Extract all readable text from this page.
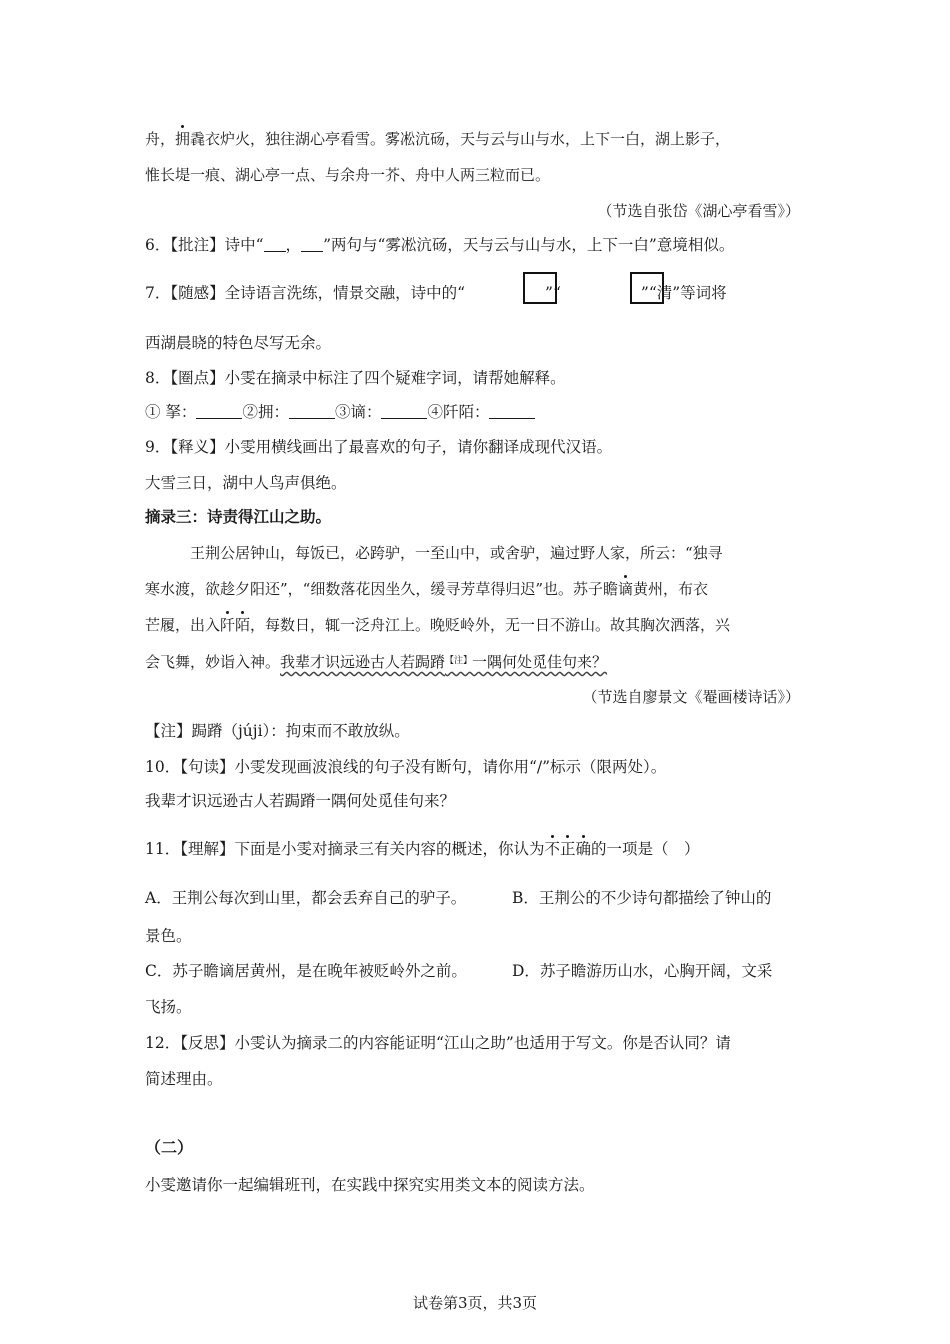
舟，拥毳衣炉火，独往湖心亭看雪。雾凇沆砀，天与云与山与水，上下一白，湖上影子，
惟长堤一痕、湖心亭一点、与余舟一芥、舟中人两三粒而已。
（节选自张岱《湖心亭看雪》）
6．【批注】诗中“ ， ”两句与“雾凇沆砀，天与云与山与水，上下一白”意境相似。
7．【随感】全诗语言洗练，情景交融，诗中的“	”“	”“清”等词将
西湖晨晓的特色尽写无余。
8．【圈点】小雯在摘录中标注了四个疑难字词，请帮她解释。
① 拏：	②拥：	③谪：	④阡陌：
9．【释义】小雯用横线画出了最喜欢的句子，请你翻译成现代汉语。
大雪三日，湖中人鸟声俱绝。
摘录三：诗责得江山之助。
王荆公居钟山，每饭已，必跨驴，一至山中，或舍驴，遍过野人家，所云：“独寻
寒水渡，欲趁夕阳还”，“细数落花因坐久，缓寻芳草得归迟”也。苏子瞻谪黄州，布衣
芒履，出入阡陌，每数日，辄一泛舟江上。晚贬岭外，无一日不游山。故其胸次洒落，兴
会飞舞，妙诣入神。我辈才识远逊古人若跼蹐$^{【注】}$一隅何处觅佳句来？
（节选自廖景文《罨画楼诗话》）
【注】跼蹐（júji）：拘束而不敢放纵。
10．【句读】小雯发现画波浪线的句子没有断句，请你用“/”标示（限两处）。
我辈才识远逊古人若跼蹐一隅何处觅佳句来？
11．【理解】下面是小雯对摘录三有关内容的概述，你认为不正确的一项是（　）
A．王荆公每次到山里，都会丢弃自己的驴子。	B．王荆公的不少诗句都描绘了钟山的
景色。
C．苏子瞻谪居黄州，是在晚年被贬岭外之前。	D．苏子瞻游历山水，心胸开阔，文采
飞扬。
12．【反思】小雯认为摘录二的内容能证明“江山之助”也适用于写文。你是否认同？请
简述理由。
（二）
小雯邀请你一起编辑班刊，在实践中探究实用类文本的阅读方法。
试卷第3页，共3页
